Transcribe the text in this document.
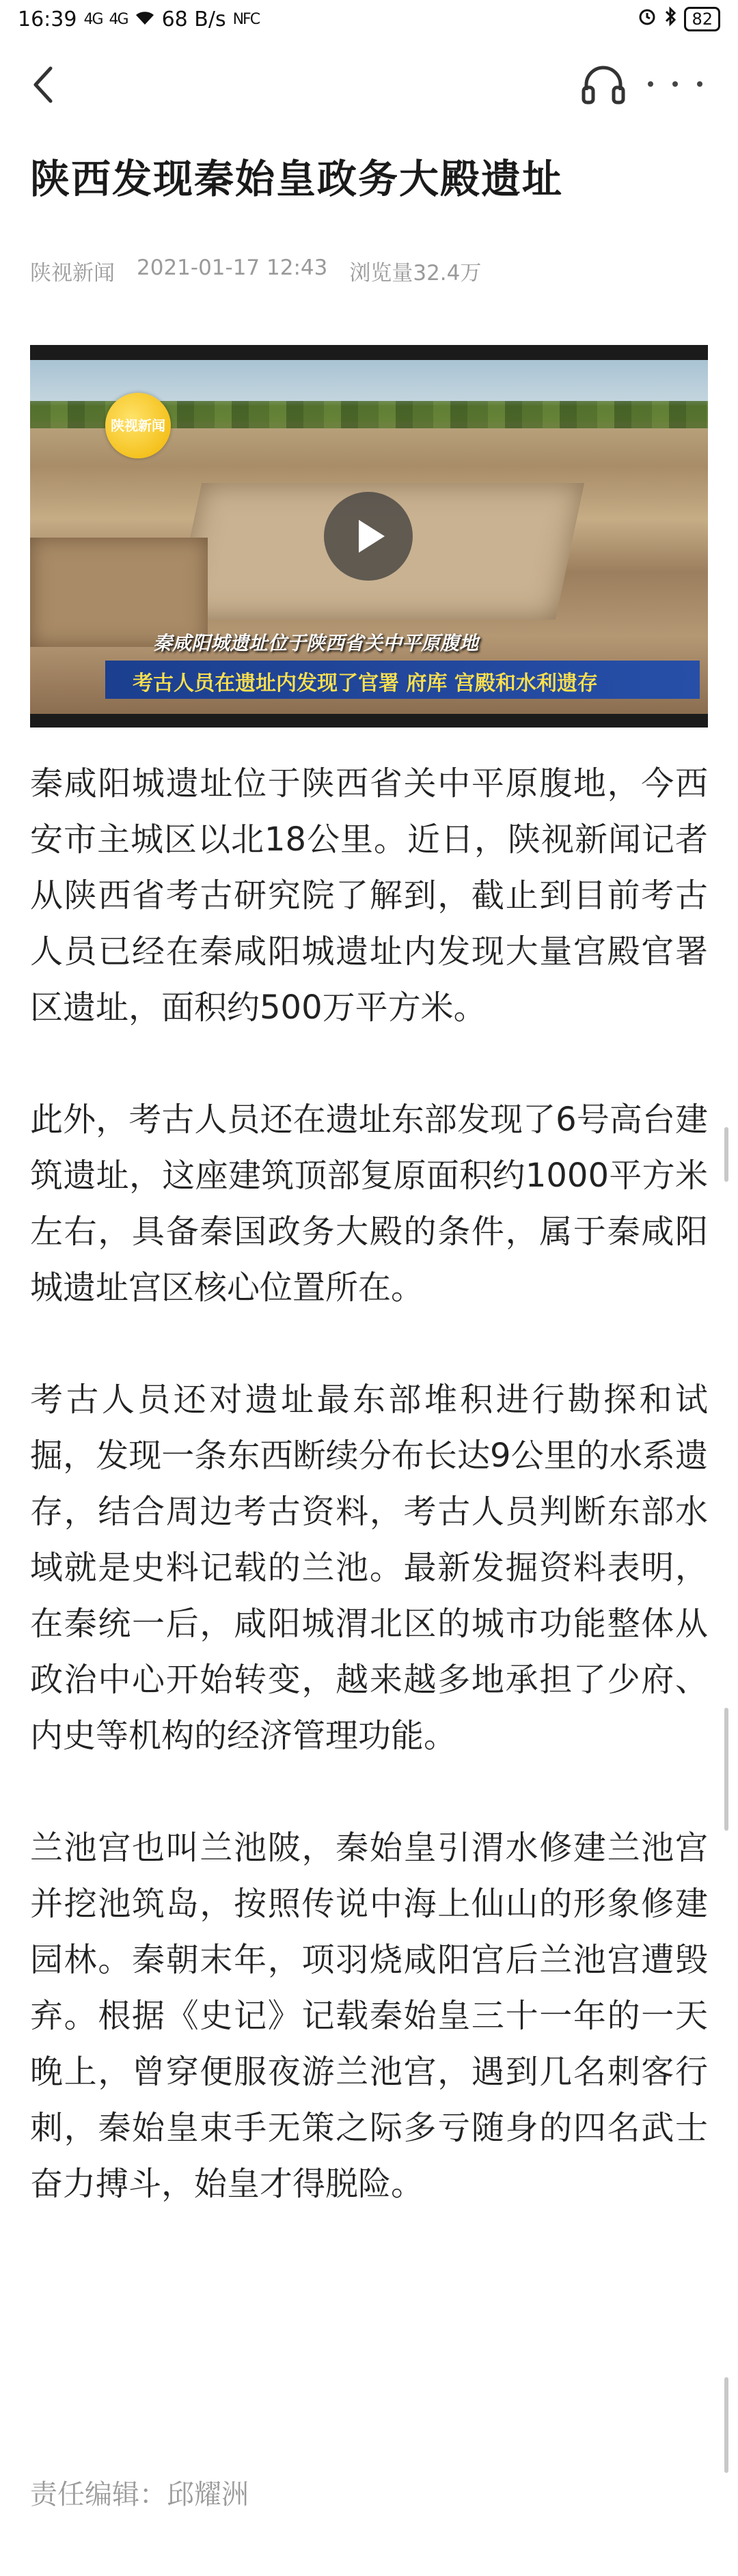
16:39 4G 4G 68 B/s NFC	82
陕西发现秦始皇政务大殿遗址
陕视新闻 2021-01-17 12:43 浏览量32.4万
陕视新闻
秦咸阳城遗址位于陕西省关中平原腹地
考古人员在遗址内发现了官署 府库 宫殿和水利遗存

秦咸阳城遗址位于陕西省关中平原腹地，今西安市主城区以北18公里。近日，陕视新闻记者从陕西省考古研究院了解到，截止到目前考古人员已经在秦咸阳城遗址内发现大量宫殿官署区遗址，面积约500万平方米。

此外，考古人员还在遗址东部发现了6号高台建筑遗址，这座建筑顶部复原面积约1000平方米左右，具备秦国政务大殿的条件，属于秦咸阳城遗址宫区核心位置所在。

考古人员还对遗址最东部堆积进行勘探和试掘，发现一条东西断续分布长达9公里的水系遗存，结合周边考古资料，考古人员判断东部水域就是史料记载的兰池。最新发掘资料表明，在秦统一后，咸阳城渭北区的城市功能整体从政治中心开始转变，越来越多地承担了少府、内史等机构的经济管理功能。

兰池宫也叫兰池陂，秦始皇引渭水修建兰池宫并挖池筑岛，按照传说中海上仙山的形象修建园林。秦朝末年，项羽烧咸阳宫后兰池宫遭毁弃。根据《史记》记载秦始皇三十一年的一天晚上，曾穿便服夜游兰池宫，遇到几名刺客行刺，秦始皇束手无策之际多亏随身的四名武士奋力搏斗，始皇才得脱险。

责任编辑：邱耀洲
